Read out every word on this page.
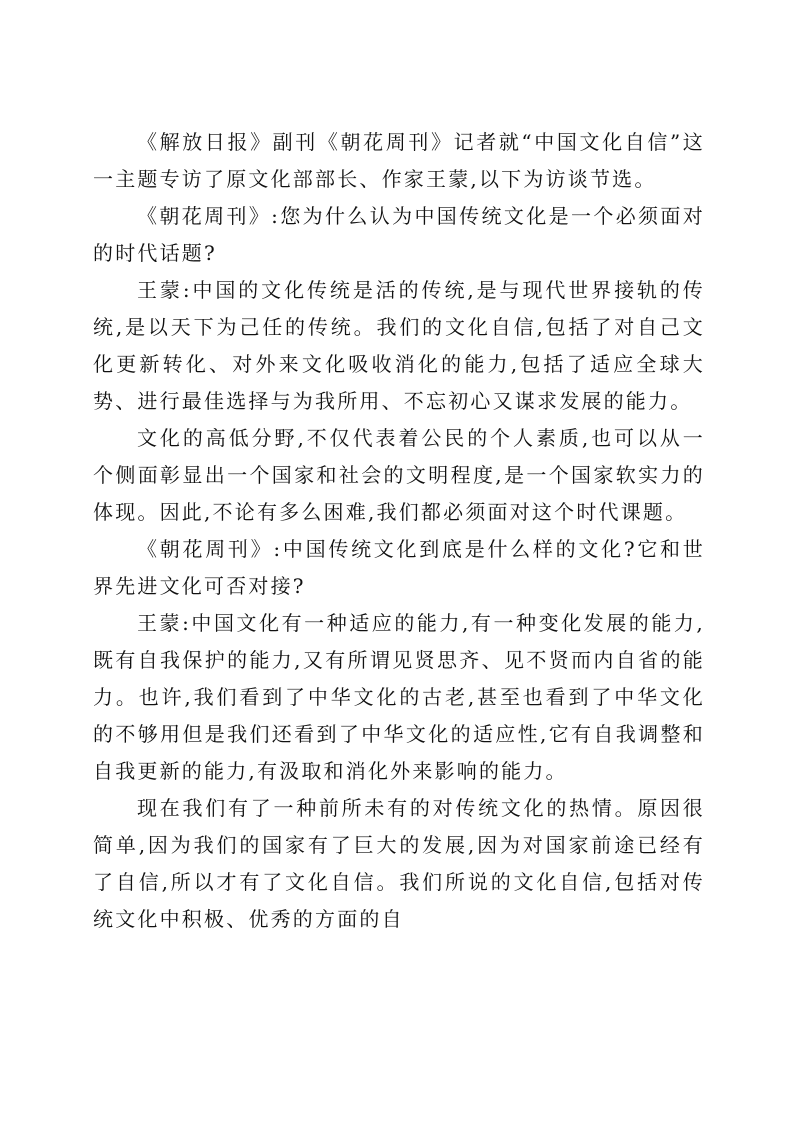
《解放日报》副刊《朝花周刊》记者就“中国文化自信”这一主题专访了原文化部部长、作家王蒙,以下为访谈节选。

《朝花周刊》:您为什么认为中国传统文化是一个必须面对的时代话题?

王蒙:中国的文化传统是活的传统,是与现代世界接轨的传统,是以天下为己任的传统。我们的文化自信,包括了对自己文化更新转化、对外来文化吸收消化的能力,包括了适应全球大势、进行最佳选择与为我所用、不忘初心又谋求发展的能力。

文化的高低分野,不仅代表着公民的个人素质,也可以从一个侧面彰显出一个国家和社会的文明程度,是一个国家软实力的体现。因此,不论有多么困难,我们都必须面对这个时代课题。

《朝花周刊》:中国传统文化到底是什么样的文化?它和世界先进文化可否对接?

王蒙:中国文化有一种适应的能力,有一种变化发展的能力,既有自我保护的能力,又有所谓见贤思齐、见不贤而内自省的能力。也许,我们看到了中华文化的古老,甚至也看到了中华文化的不够用但是我们还看到了中华文化的适应性,它有自我调整和自我更新的能力,有汲取和消化外来影响的能力。

现在我们有了一种前所未有的对传统文化的热情。原因很简单,因为我们的国家有了巨大的发展,因为对国家前途已经有了自信,所以才有了文化自信。我们所说的文化自信,包括对传统文化中积极、优秀的方面的自
